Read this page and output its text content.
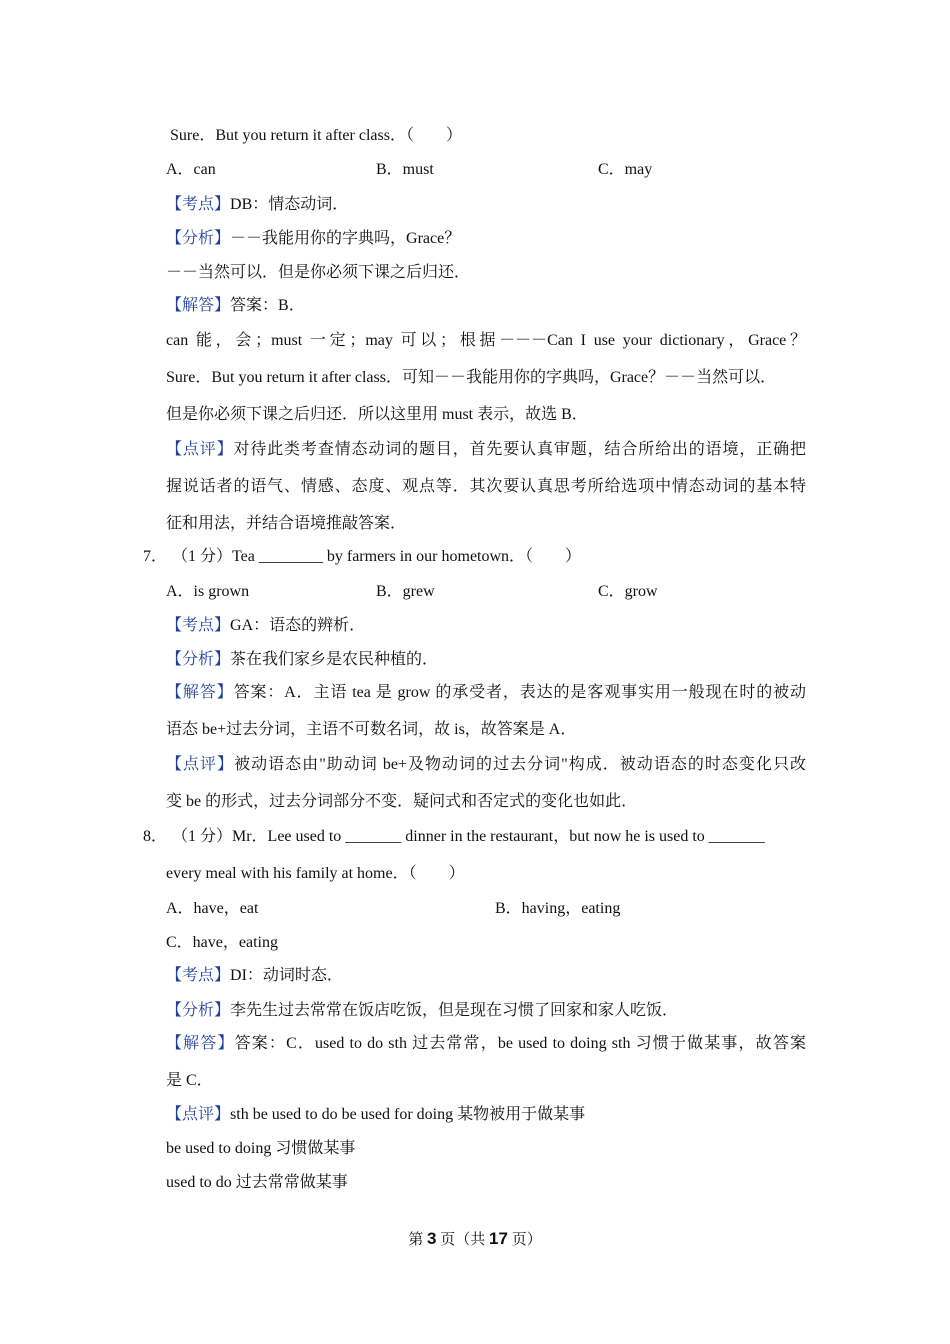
Sure．But you return it after class．（　　）
A．can	B．must	C．may
【考点】DB：情态动词．
【分析】－－我能用你的字典吗，Grace？
－－当然可以．但是你必须下课之后归还．
【解答】答案：B．
can 能，会；must 一定；may 可以；根据－－－Can I use your dictionary，Grace？
Sure．But you return it after class．可知－－我能用你的字典吗，Grace？－－当然可以．
但是你必须下课之后归还．所以这里用 must 表示，故选 B．
【点评】对待此类考查情态动词的题目，首先要认真审题，结合所给出的语境，正确把
握说话者的语气、情感、态度、观点等．其次要认真思考所给选项中情态动词的基本特
征和用法，并结合语境推敲答案．
7． （1 分）Tea ________ by farmers in our hometown．（　　）
A．is grown	B．grew	C．grow
【考点】GA：语态的辨析．
【分析】茶在我们家乡是农民种植的．
【解答】答案：A．主语 tea 是 grow 的承受者，表达的是客观事实用一般现在时的被动
语态 be+过去分词，主语不可数名词，故 is，故答案是 A．
【点评】被动语态由"助动词 be+及物动词的过去分词"构成．被动语态的时态变化只改
变 be 的形式，过去分词部分不变．疑问式和否定式的变化也如此．
8． （1 分）Mr．Lee used to _______ dinner in the restaurant，but now he is used to _______
every meal with his family at home．（　　）
A．have，eat	B．having，eating
C．have，eating
【考点】DI：动词时态．
【分析】李先生过去常常在饭店吃饭，但是现在习惯了回家和家人吃饭．
【解答】答案：C．used to do sth 过去常常，be used to doing sth 习惯于做某事，故答案
是 C．
【点评】sth be used to do be used for doing 某物被用于做某事
be used to doing 习惯做某事
used to do 过去常常做某事
第 3 页（共 17 页）
